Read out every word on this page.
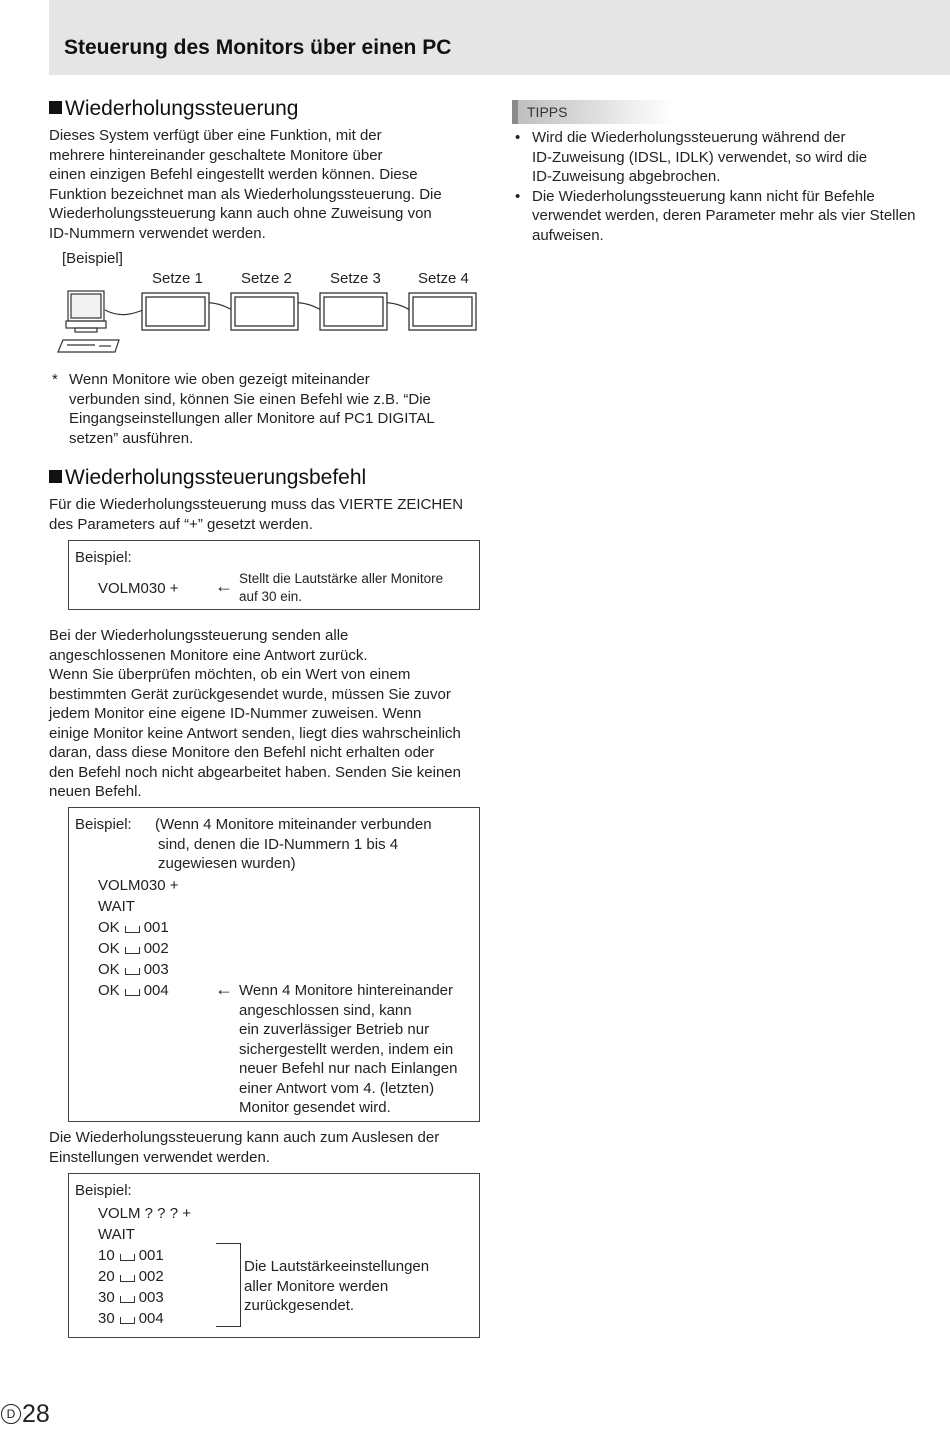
Steuerung des Monitors über einen PC
Wiederholungssteuerung
Dieses System verfügt über eine Funktion, mit der
mehrere hintereinander geschaltete Monitore über
einen einzigen Befehl eingestellt werden können. Diese
Funktion bezeichnet man als Wiederholungssteuerung. Die
Wiederholungssteuerung kann auch ohne Zuweisung von
ID-Nummern verwendet werden.
[Beispiel]
Setze 1	Setze 2	Setze 3 Setze 4
* Wenn Monitore wie oben gezeigt miteinander
verbunden sind, können Sie einen Befehl wie z.B. “Die
Eingangseinstellungen aller Monitore auf PC1 DIGITAL
setzen” ausführen.
TIPPS
• Wird die Wiederholungssteuerung während der
ID-Zuweisung (IDSL, IDLK) verwendet, so wird die
ID-Zuweisung abgebrochen.
• Die Wiederholungssteuerung kann nicht für Befehle
verwendet werden, deren Parameter mehr als vier Stellen
aufweisen.
Wiederholungssteuerungsbefehl
Für die Wiederholungssteuerung muss das VIERTE ZEICHEN
des Parameters auf “+” gesetzt werden.
Beispiel:
VOLM030 + ← Stellt die Lautstärke aller Monitore
auf 30 ein.
Bei der Wiederholungssteuerung senden alle
angeschlossenen Monitore eine Antwort zurück.
Wenn Sie überprüfen möchten, ob ein Wert von einem
bestimmten Gerät zurückgesendet wurde, müssen Sie zuvor
jedem Monitor eine eigene ID-Nummer zuweisen. Wenn
einige Monitor keine Antwort senden, liegt dies wahrscheinlich
daran, dass diese Monitore den Befehl nicht erhalten oder
den Befehl noch nicht abgearbeitet haben. Senden Sie keinen
neuen Befehl.
Beispiel: (Wenn 4 Monitore miteinander verbunden
sind, denen die ID-Nummern 1 bis 4
zugewiesen wurden)
VOLM030 +
WAIT
OK 001
OK 002
OK 003
OK 004	← Wenn 4 Monitore hintereinander
angeschlossen sind, kann
ein zuverlässiger Betrieb nur
sichergestellt werden, indem ein
neuer Befehl nur nach Einlangen
einer Antwort vom 4. (letzten)
Monitor gesendet wird.
Die Wiederholungssteuerung kann auch zum Auslesen der
Einstellungen verwendet werden.
Beispiel:
VOLM ? ? ? +
WAIT
10 001
20 002
30 003
30 004
Die Lautstärkeeinstellungen
aller Monitore werden
zurückgesendet.
D 28
